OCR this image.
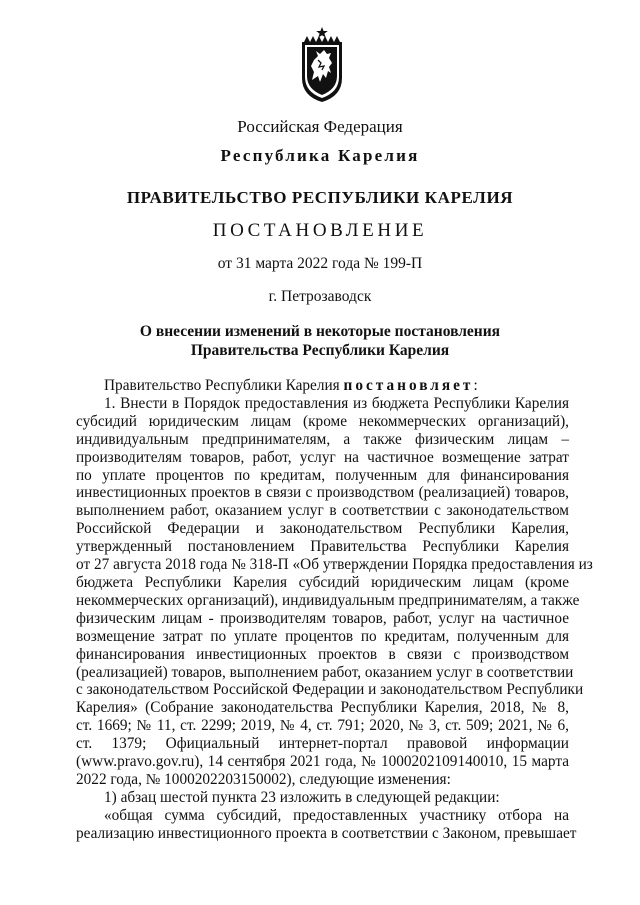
Российская Федерация
Республика Карелия
ПРАВИТЕЛЬСТВО РЕСПУБЛИКИ КАРЕЛИЯ
ПОСТАНОВЛЕНИЕ
от 31 марта 2022 года № 199-П
г. Петрозаводск
О внесении изменений в некоторые постановления
Правительства Республики Карелия

Правительство Республики Карелия постановляет:

1. Внести в Порядок предоставления из бюджета Республики Карелия

субсидий юридическим лицам (кроме некоммерческих организаций),

индивидуальным предпринимателям, а также физическим лицам –

производителям товаров, работ, услуг на частичное возмещение затрат

по уплате процентов по кредитам, полученным для финансирования

инвестиционных проектов в связи с производством (реализацией) товаров,

выполнением работ, оказанием услуг в соответствии с законодательством

Российской Федерации и законодательством Республики Карелия,

утвержденный постановлением Правительства Республики Карелия

от 27 августа 2018 года № 318-П «Об утверждении Порядка предоставления из

бюджета Республики Карелия субсидий юридическим лицам (кроме

некоммерческих организаций), индивидуальным предпринимателям, а также

физическим лицам - производителям товаров, работ, услуг на частичное

возмещение затрат по уплате процентов по кредитам, полученным для

финансирования инвестиционных проектов в связи с производством

(реализацией) товаров, выполнением работ, оказанием услуг в соответствии

с законодательством Российской Федерации и законодательством Республики

Карелия» (Собрание законодательства Республики Карелия, 2018, № 8,

ст. 1669; № 11, ст. 2299; 2019, № 4, ст. 791; 2020, № 3, ст. 509; 2021, № 6,

ст. 1379; Официальный интернет-портал правовой информации

(www.pravo.gov.ru), 14 сентября 2021 года, № 1000202109140010, 15 марта

2022 года, № 1000202203150002), следующие изменения:

1) абзац шестой пункта 23 изложить в следующей редакции:

«общая сумма субсидий, предоставленных участнику отбора на

реализацию инвестиционного проекта в соответствии с Законом, превышает
